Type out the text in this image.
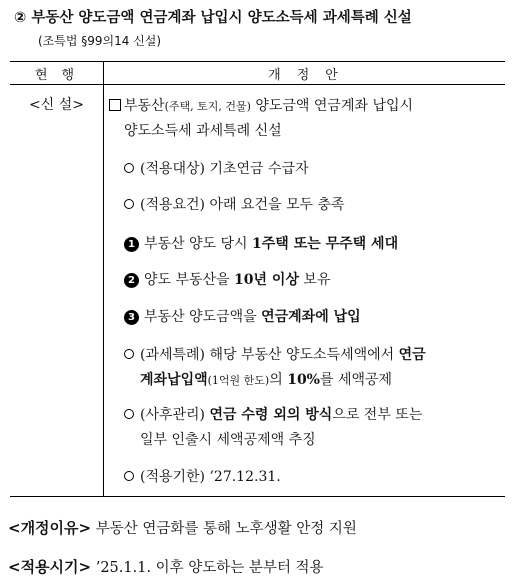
② 부동산 양도금액 연금계좌 납입시 양도소득세 과세특례 신설
(조특법 §99의14 신설)
현행	개정안
<신 설>	부동산(주택, 토지, 건물) 양도금액 연금계좌 납입시
양도소득세 과세특례 신설
(적용대상) 기초연금 수급자
(적용요건) 아래 요건을 모두 충족
1 부동산 양도 당시 1주택 또는 무주택 세대
2 양도 부동산을 10년 이상 보유
3 부동산 양도금액을 연금계좌에 납입
(과세특례) 해당 부동산 양도소득세액에서 연금
계좌납입액(1억원 한도)의 10%를 세액공제
(사후관리) 연금 수령 외의 방식으로 전부 또는
일부 인출시 세액공제액 추징
(적용기한) ’27.12.31.
<개정이유> 부동산 연금화를 통해 노후생활 안정 지원
<적용시기> ’25.1.1. 이후 양도하는 분부터 적용
